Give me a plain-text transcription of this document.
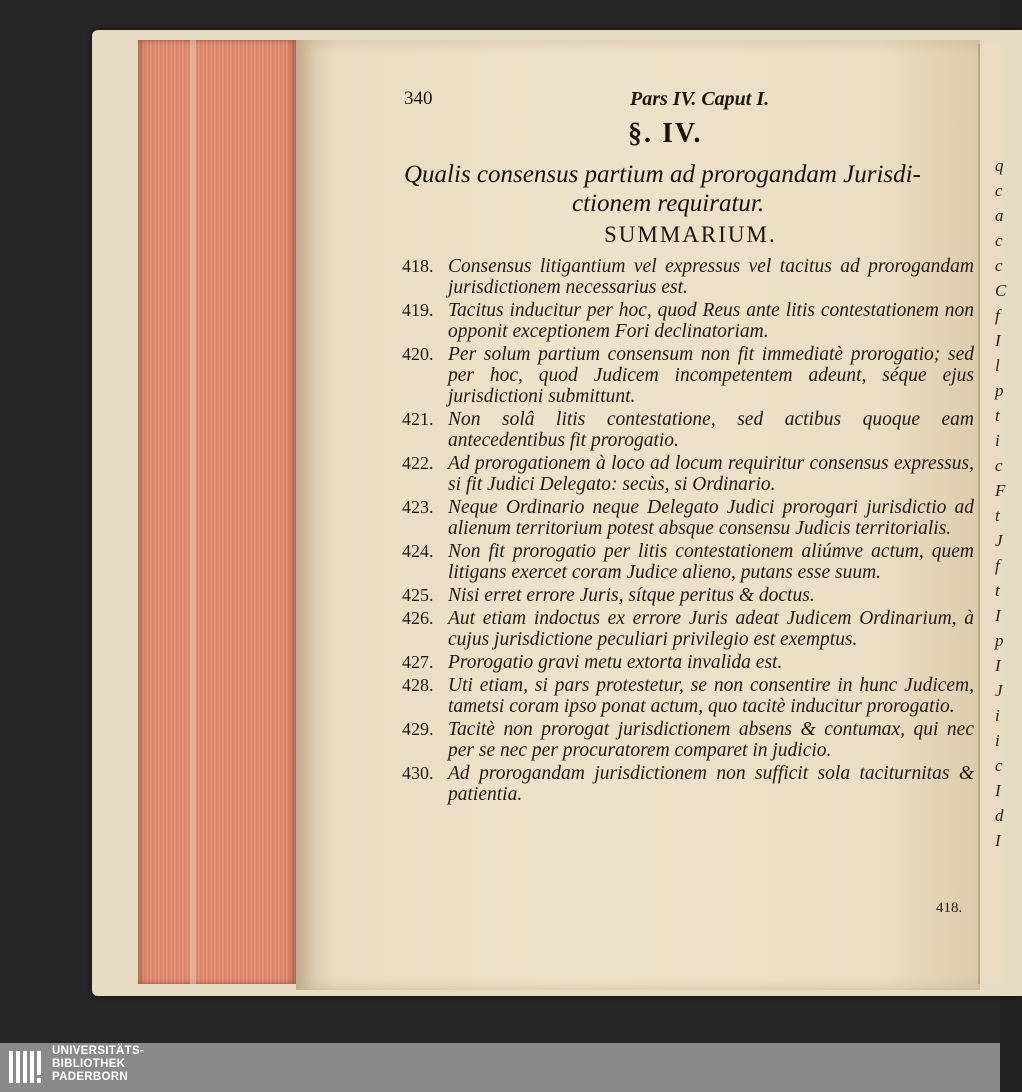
q
c
a
c
c
C
f
I
l
p
t
i
c
F
t
J
f
t
I
p
I
J
i
i
c
I
d
I
340	Pars IV. Caput I.
§. IV.
Qualis consensus partium ad prorogandam Jurisdi-
ctionem requiratur.
SUMMARIUM.
418. Consensus litigantium vel expressus vel tacitus ad prorogandam jurisdictionem necessarius est.
419. Tacitus inducitur per hoc, quod Reus ante litis contestationem non opponit exceptionem Fori declinatoriam.
420. Per solum partium consensum non fit immediatè prorogatio; sed per hoc, quod Judicem incompetentem adeunt, séque ejus jurisdictioni submittunt.
421. Non solâ litis contestatione, sed actibus quoque eam antecedentibus fit prorogatio.
422. Ad prorogationem à loco ad locum requiritur consensus expressus, si fit Judici Delegato: secùs, si Ordinario.
423. Neque Ordinario neque Delegato Judici prorogari jurisdictio ad alienum territorium potest absque consensu Judicis territorialis.
424. Non fit prorogatio per litis contestationem aliúmve actum, quem litigans exercet coram Judice alieno, putans esse suum.
425. Nisi erret errore Juris, sítque peritus & doctus.
426. Aut etiam indoctus ex errore Juris adeat Judicem Ordinarium, à cujus jurisdictione peculiari privilegio est exemptus.
427. Prorogatio gravi metu extorta invalida est.
428. Uti etiam, si pars protestetur, se non consentire in hunc Judicem, tametsi coram ipso ponat actum, quo tacitè inducitur prorogatio.
429. Tacitè non prorogat jurisdictionem absens & contumax, qui nec per se nec per procuratorem comparet in judicio.
430. Ad prorogandam jurisdictionem non sufficit sola taciturnitas & patientia.
418.
UNIVERSITÄTS-
BIBLIOTHEK
PADERBORN
